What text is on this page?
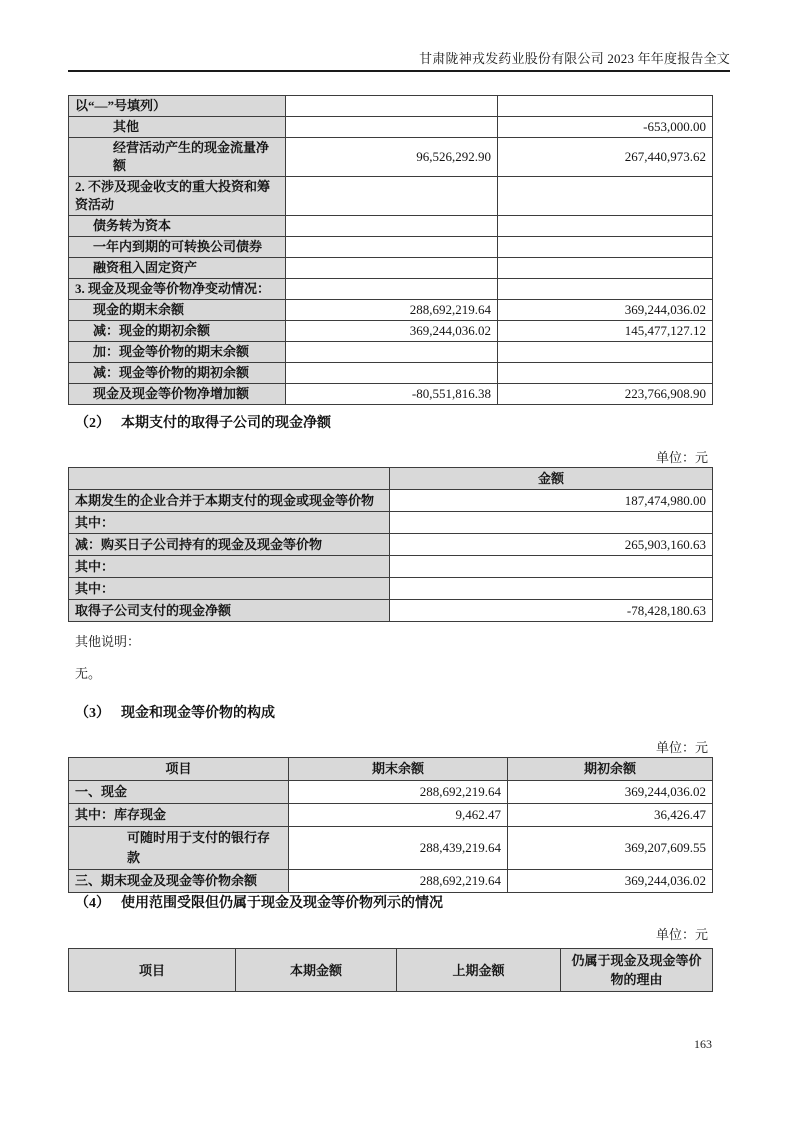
甘肃陇神戎发药业股份有限公司 2023 年年度报告全文
以“—”号填列）		
其他		-653,000.00
经营活动产生的现金流量净额	96,526,292.90	267,440,973.62
2. 不涉及现金收支的重大投资和筹资活动		
债务转为资本		
一年内到期的可转换公司债券		
融资租入固定资产		
3. 现金及现金等价物净变动情况：		
现金的期末余额	288,692,219.64	369,244,036.02
减：现金的期初余额	369,244,036.02	145,477,127.12
加：现金等价物的期末余额		
减：现金等价物的期初余额		
现金及现金等价物净增加额	-80,551,816.38	223,766,908.90
（2） 本期支付的取得子公司的现金净额
单位：元
	金额
本期发生的企业合并于本期支付的现金或现金等价物	187,474,980.00
其中：	
减：购买日子公司持有的现金及现金等价物	265,903,160.63
其中：	
其中：	
取得子公司支付的现金净额	-78,428,180.63
其他说明：
无。
（3） 现金和现金等价物的构成
单位：元
项目	期末余额	期初余额
一、现金	288,692,219.64	369,244,036.02
其中：库存现金	9,462.47	36,426.47
可随时用于支付的银行存款	288,439,219.64	369,207,609.55
三、期末现金及现金等价物余额	288,692,219.64	369,244,036.02
（4） 使用范围受限但仍属于现金及现金等价物列示的情况
单位：元
项目	本期金额	上期金额	仍属于现金及现金等价物的理由
163
